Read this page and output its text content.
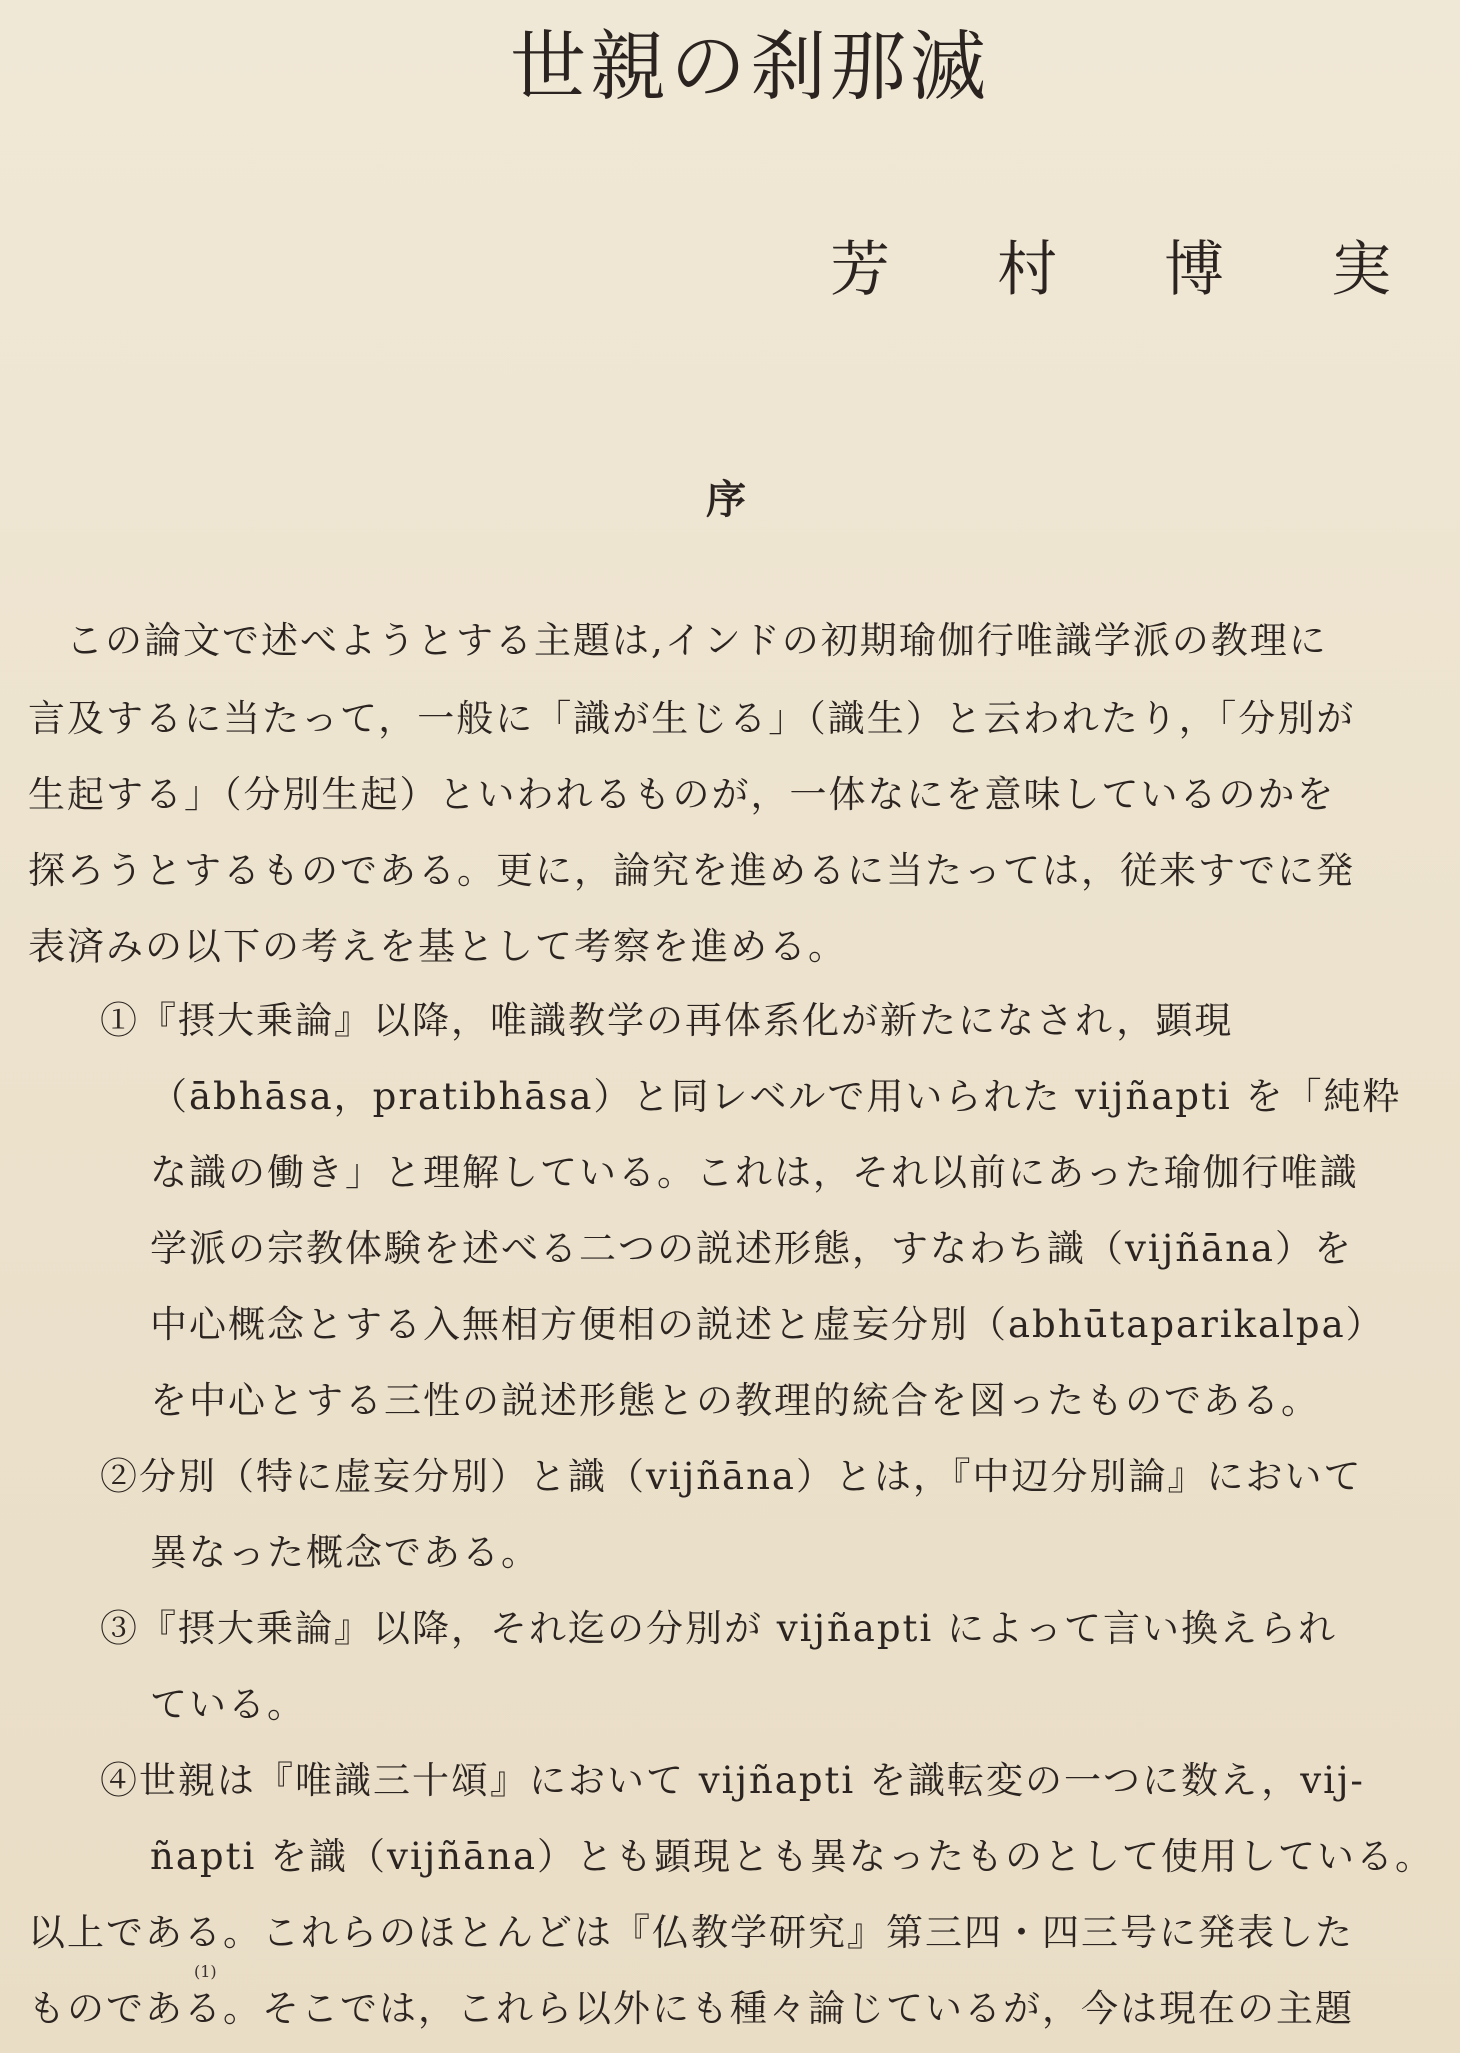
世親の刹那滅
芳 村 博 実
序
この論文で述べようとする主題は,インドの初期瑜伽行唯識学派の教理に
言及するに当たって，一般に「識が生じる」（識生）と云われたり，「分別が
生起する」（分別生起）といわれるものが，一体なにを意味しているのかを
探ろうとするものである。更に，論究を進めるに当たっては，従来すでに発
表済みの以下の考えを基として考察を進める。
①『摂大乗論』以降，唯識教学の再体系化が新たになされ，顕現
（ābhāsa，pratibhāsa）と同レベルで用いられた vijñapti を「純粋
な識の働き」と理解している。これは，それ以前にあった瑜伽行唯識
学派の宗教体験を述べる二つの説述形態，すなわち識（vijñāna）を
中心概念とする入無相方便相の説述と虚妄分別（abhūtaparikalpa）
を中心とする三性の説述形態との教理的統合を図ったものである。
②分別（特に虚妄分別）と識（vijñāna）とは，『中辺分別論』において
異なった概念である。
③『摂大乗論』以降，それ迄の分別が vijñapti によって言い換えられ
ている。
④世親は『唯識三十頌』において vijñapti を識転変の一つに数え，vij-
ñapti を識（vijñāna）とも顕現とも異なったものとして使用している。
以上である。これらのほとんどは『仏教学研究』第三四・四三号に発表した
ものである。そこでは，これら以外にも種々論じているが，今は現在の主題
(1)
